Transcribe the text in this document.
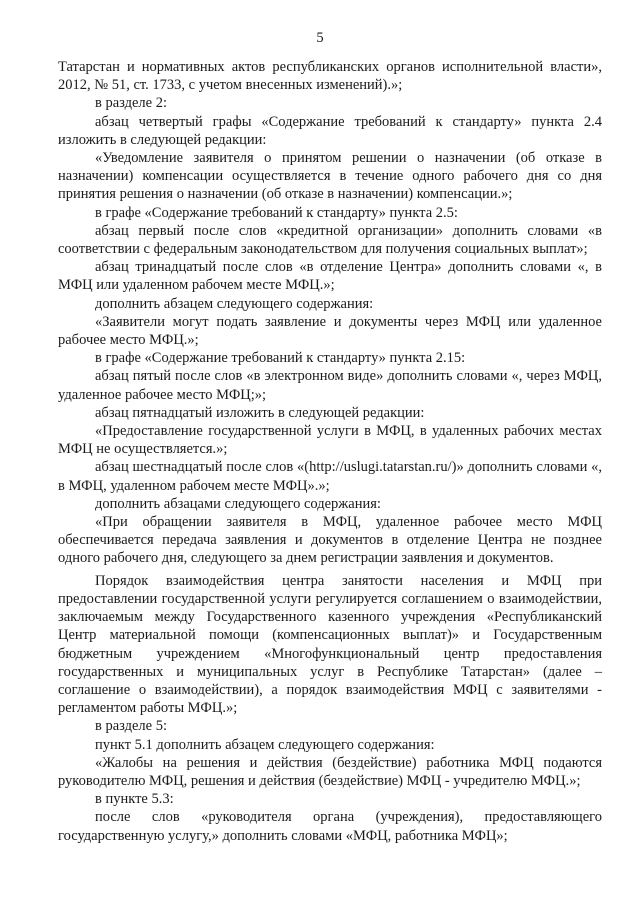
5

Татарстан и нормативных актов республиканских органов исполнительной власти», 2012, № 51, ст. 1733, с учетом внесенных изменений).»;

в разделе 2:

абзац четвертый графы «Содержание требований к стандарту» пункта 2.4 изложить в следующей редакции:

«Уведомление заявителя о принятом решении о назначении (об отказе в назначении) компенсации осуществляется в течение одного рабочего дня со дня принятия решения о назначении (об отказе в назначении) компенсации.»;

в графе «Содержание требований к стандарту» пункта 2.5:

абзац первый после слов «кредитной организации» дополнить словами «в соответствии с федеральным законодательством для получения социальных выплат»;

абзац тринадцатый после слов «в отделение Центра» дополнить словами «, в МФЦ или удаленном рабочем месте МФЦ.»;

дополнить абзацем следующего содержания:

«Заявители могут подать заявление и документы через МФЦ или удаленное рабочее место МФЦ.»;

в графе «Содержание требований к стандарту» пункта 2.15:

абзац пятый после слов «в электронном виде» дополнить словами «, через МФЦ, удаленное рабочее место МФЦ;»;

абзац пятнадцатый изложить в следующей редакции:

«Предоставление государственной услуги в МФЦ, в удаленных рабочих местах МФЦ не осуществляется.»;

абзац шестнадцатый после слов «(http://uslugi.tatarstan.ru/)» дополнить словами «, в МФЦ, удаленном рабочем месте МФЦ».»;

дополнить абзацами следующего содержания:

«При обращении заявителя в МФЦ, удаленное рабочее место МФЦ обеспечивается передача заявления и документов в отделение Центра не позднее одного рабочего дня, следующего за днем регистрации заявления и документов.

Порядок взаимодействия центра занятости населения и МФЦ при предоставлении государственной услуги регулируется соглашением о взаимодействии, заключаемым между Государственного казенного учреждения «Республиканский Центр материальной помощи (компенсационных выплат)» и Государственным бюджетным учреждением «Многофункциональный центр предоставления государственных и муниципальных услуг в Республике Татарстан» (далее – соглашение о взаимодействии), а порядок взаимодействия МФЦ с заявителями - регламентом работы МФЦ.»;

в разделе 5:

пункт 5.1 дополнить абзацем следующего содержания:

«Жалобы на решения и действия (бездействие) работника МФЦ подаются руководителю МФЦ, решения и действия (бездействие) МФЦ - учредителю МФЦ.»;

в пункте 5.3:

после слов «руководителя органа (учреждения), предоставляющего государственную услугу,» дополнить словами «МФЦ, работника МФЦ»;
